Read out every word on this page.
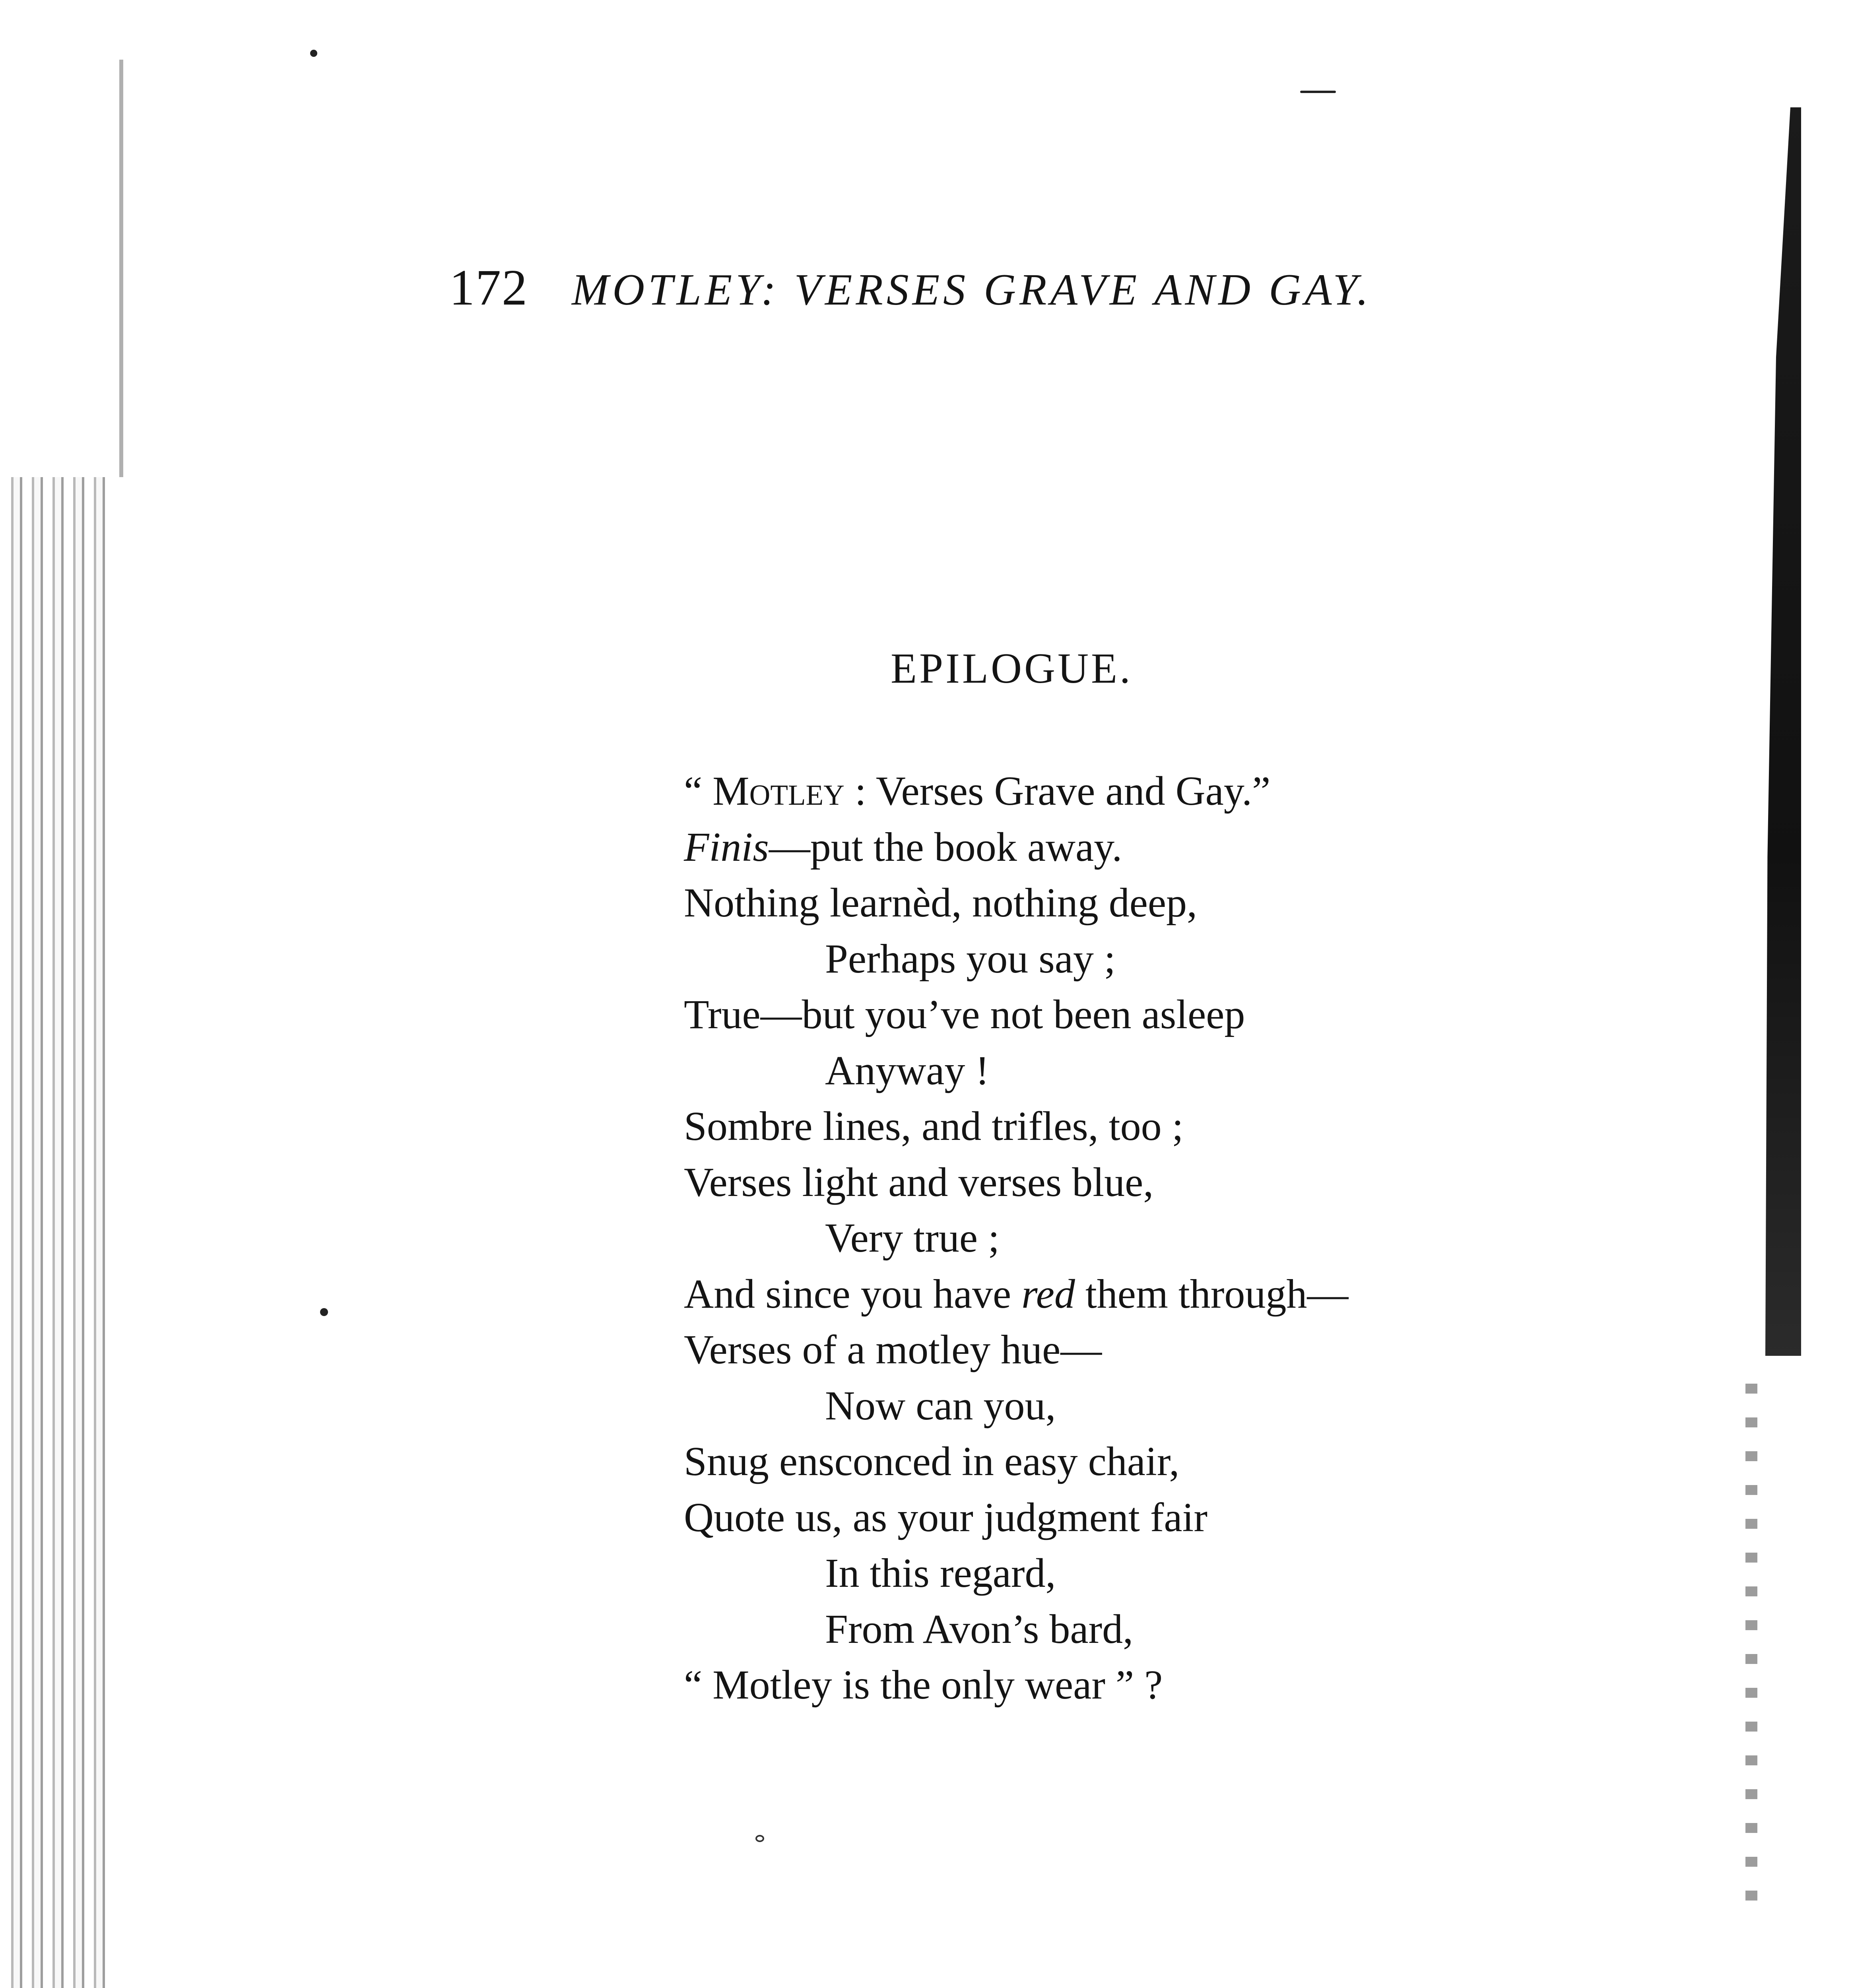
172 MOTLEY: VERSES GRAVE AND GAY.
EPILOGUE.
“ Motley : Verses Grave and Gay.”
Finis—put the book away.
Nothing learnèd, nothing deep,
Perhaps you say ;
True—but you’ve not been asleep
Anyway !
Sombre lines, and trifles, too ;
Verses light and verses blue,
Very true ;
And since you have red them through—
Verses of a motley hue—
Now can you,
Snug ensconced in easy chair,
Quote us, as your judgment fair
In this regard,
From Avon’s bard,
“ Motley is the only wear ” ?
